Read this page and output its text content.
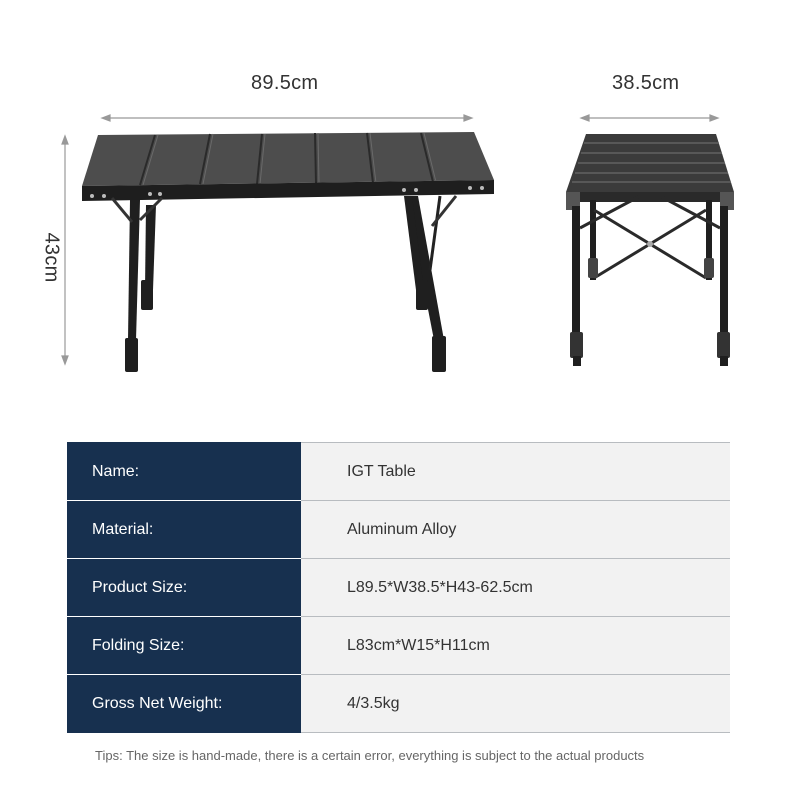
89.5cm	38.5cm
43cm
Name:	IGT Table
Material:	Aluminum Alloy
Product Size:	L89.5*W38.5*H43-62.5cm
Folding Size:	L83cm*W15*H11cm
Gross Net Weight:	4/3.5kg
Tips: The size is hand-made, there is a certain error, everything is subject to the actual products
